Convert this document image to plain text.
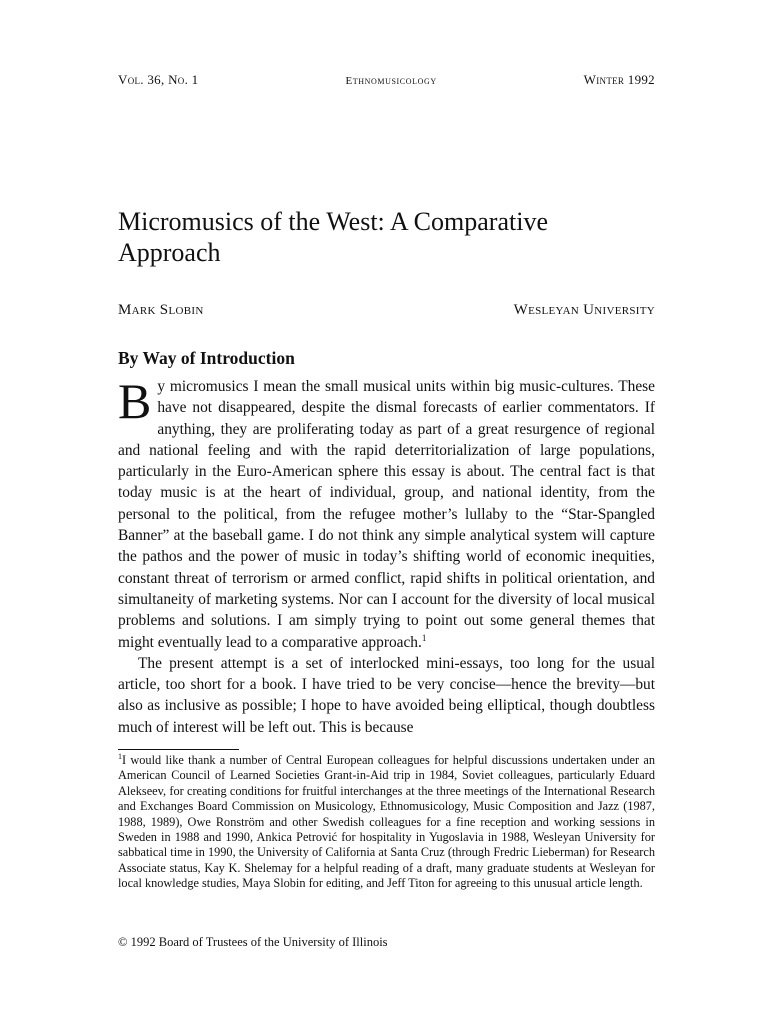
Vol. 36, No. 1	Ethnomusicology	Winter 1992
Micromusics of the West: A Comparative Approach
Mark Slobin	Wesleyan University
By Way of Introduction

By micromusics I mean the small musical units within big music-cultures. These have not disappeared, despite the dismal forecasts of earlier commentators. If anything, they are proliferating today as part of a great resurgence of regional and national feeling and with the rapid deterritorialization of large populations, particularly in the Euro-American sphere this essay is about. The central fact is that today music is at the heart of individual, group, and national identity, from the personal to the political, from the refugee mother’s lullaby to the “Star-Spangled Banner” at the baseball game. I do not think any simple analytical system will capture the pathos and the power of music in today’s shifting world of economic inequities, constant threat of terrorism or armed conflict, rapid shifts in political orientation, and simultaneity of marketing systems. Nor can I account for the diversity of local musical problems and solutions. I am simply trying to point out some general themes that might eventually lead to a comparative approach.$^1$

The present attempt is a set of interlocked mini-essays, too long for the usual article, too short for a book. I have tried to be very concise—hence the brevity—but also as inclusive as possible; I hope to have avoided being elliptical, though doubtless much of interest will be left out. This is because

$^1$I would like thank a number of Central European colleagues for helpful discussions undertaken under an American Council of Learned Societies Grant-in-Aid trip in 1984, Soviet colleagues, particularly Eduard Alekseev, for creating conditions for fruitful interchanges at the three meetings of the International Research and Exchanges Board Commission on Musicology, Ethnomusicology, Music Composition and Jazz (1987, 1988, 1989), Owe Ronström and other Swedish colleagues for a fine reception and working sessions in Sweden in 1988 and 1990, Ankica Petrović for hospitality in Yugoslavia in 1988, Wesleyan University for sabbatical time in 1990, the University of California at Santa Cruz (through Fredric Lieberman) for Research Associate status, Kay K. Shelemay for a helpful reading of a draft, many graduate students at Wesleyan for local knowledge studies, Maya Slobin for editing, and Jeff Titon for agreeing to this unusual article length.

© 1992 Board of Trustees of the University of Illinois
